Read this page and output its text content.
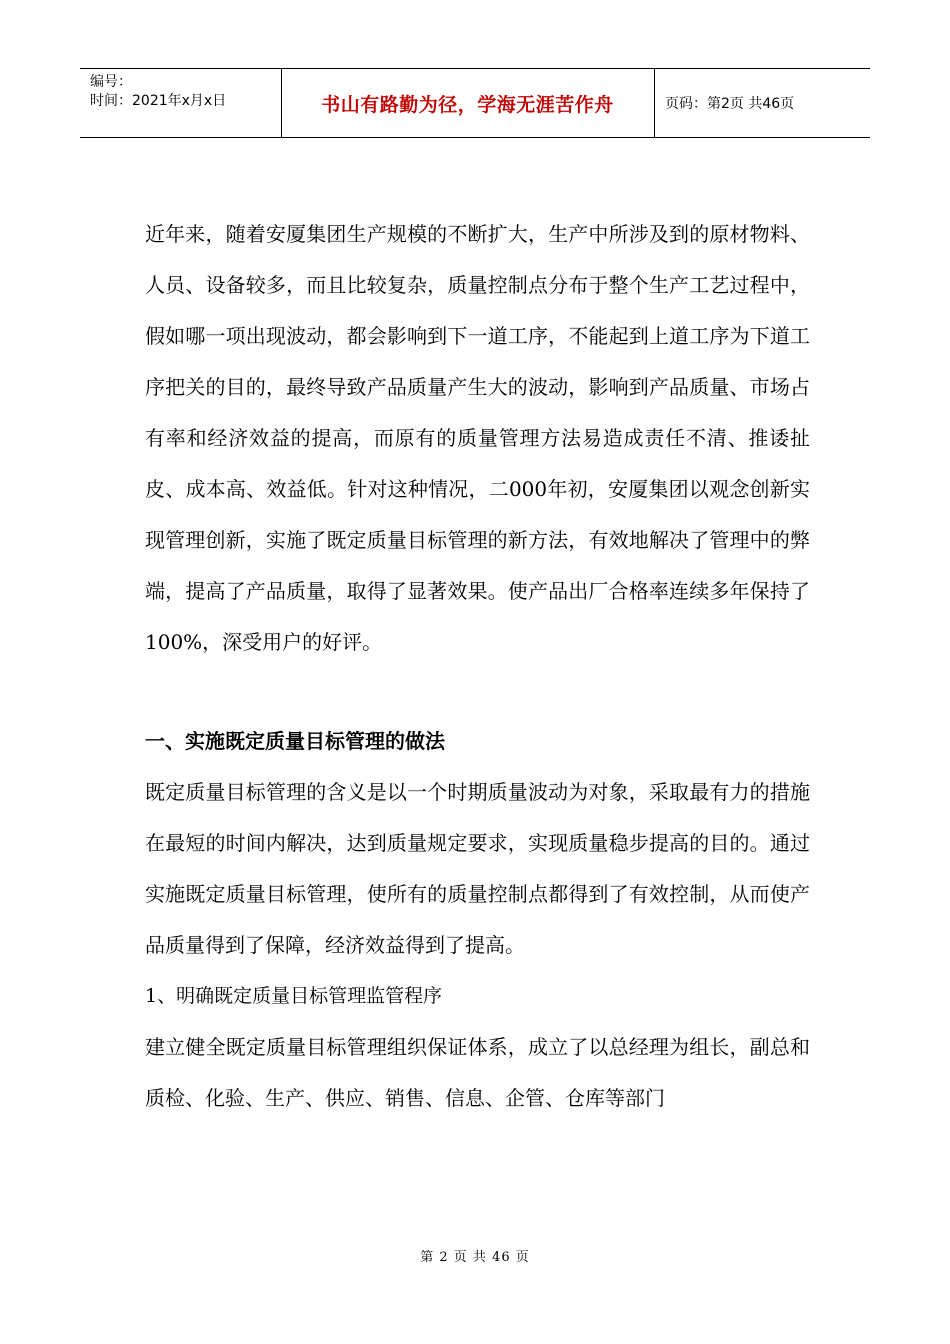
编号：
时间：2021年x月x日	书山有路勤为径，学海无涯苦作舟	页码：第2页 共46页

近年来，随着安厦集团生产规模的不断扩大，生产中所涉及到的原材物料、人员、设备较多，而且比较复杂，质量控制点分布于整个生产工艺过程中，假如哪一项出现波动，都会影响到下一道工序，不能起到上道工序为下道工序把关的目的，最终导致产品质量产生大的波动，影响到产品质量、市场占有率和经济效益的提高，而原有的质量管理方法易造成责任不清、推诿扯皮、成本高、效益低。针对这种情况，二000年初，安厦集团以观念创新实现管理创新，实施了既定质量目标管理的新方法，有效地解决了管理中的弊端，提高了产品质量，取得了显著效果。使产品出厂合格率连续多年保持了100%，深受用户的好评。

一、实施既定质量目标管理的做法

既定质量目标管理的含义是以一个时期质量波动为对象，采取最有力的措施在最短的时间内解决，达到质量规定要求，实现质量稳步提高的目的。通过实施既定质量目标管理，使所有的质量控制点都得到了有效控制，从而使产品质量得到了保障，经济效益得到了提高。

1、明确既定质量目标管理监管程序

建立健全既定质量目标管理组织保证体系，成立了以总经理为组长，副总和质检、化验、生产、供应、销售、信息、企管、仓库等部门

第 2 页 共 46 页
